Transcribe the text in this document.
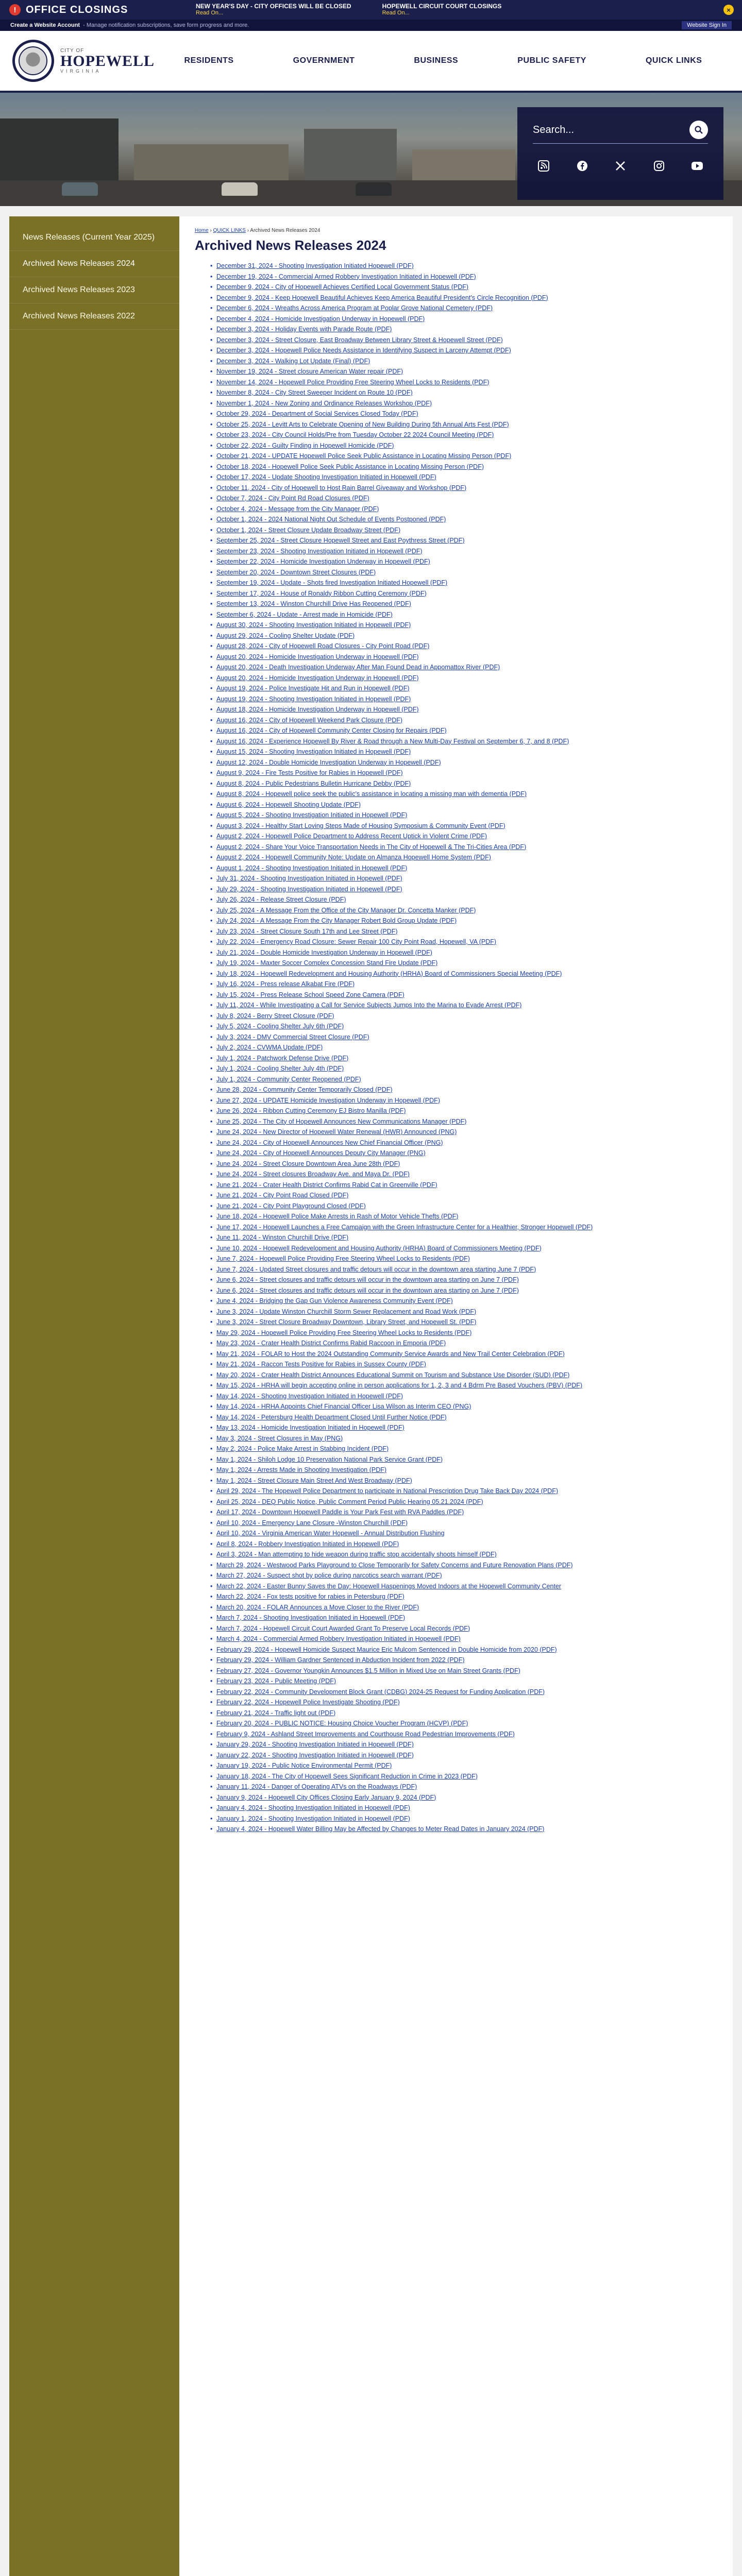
! OFFICE CLOSINGS	NEW YEAR'S DAY - CITY OFFICES WILL BE CLOSED
Read On...
HOPEWELL CIRCUIT COURT CLOSINGS
Read On...	×
Create a Website Account - Manage notification subscriptions, save form progress and more.	Website Sign In
CITY OF
HOPEWELL
VIRGINIA
RESIDENTS	GOVERNMENT	BUSINESS	PUBLIC SAFETY	QUICK LINKS
Search...
News Releases (Current Year 2025)
Archived News Releases 2024
Archived News Releases 2023
Archived News Releases 2022
Home › QUICK LINKS › Archived News Releases 2024
Archived News Releases 2024
• December 31, 2024 - Shooting Investigation Initiated Hopewell (PDF)
• December 19, 2024 - Commercial Armed Robbery Investigation Initiated in Hopewell (PDF)
• December 9, 2024 - City of Hopewell Achieves Certified Local Government Status (PDF)
• December 9, 2024 - Keep Hopewell Beautiful Achieves Keep America Beautiful President's Circle Recognition (PDF)
• December 6, 2024 - Wreaths Across America Program at Poplar Grove National Cemetery (PDF)
• December 4, 2024 - Homicide Investigation Underway in Hopewell (PDF)
• December 3, 2024 - Holiday Events with Parade Route (PDF)
• December 3, 2024 - Street Closure, East Broadway Between Library Street & Hopewell Street (PDF)
• December 3, 2024 - Hopewell Police Needs Assistance in Identifying Suspect in Larceny Attempt (PDF)
• December 3, 2024 - Walking Lot Update (Final) (PDF)
• November 19, 2024 - Street closure American Water repair (PDF)
• November 14, 2024 - Hopewell Police Providing Free Steering Wheel Locks to Residents (PDF)
• November 8, 2024 - City Street Sweeper Incident on Route 10 (PDF)
• November 1, 2024 - New Zoning and Ordinance Releases Workshop (PDF)
• October 29, 2024 - Department of Social Services Closed Today (PDF)
• October 25, 2024 - Levitt Arts to Celebrate Opening of New Building During 5th Annual Arts Fest (PDF)
• October 23, 2024 - City Council Holds/Pre from Tuesday October 22 2024 Council Meeting (PDF)
• October 22, 2024 - Guilty Finding in Hopewell Homicide (PDF)
• October 21, 2024 - UPDATE Hopewell Police Seek Public Assistance in Locating Missing Person (PDF)
• October 18, 2024 - Hopewell Police Seek Public Assistance in Locating Missing Person (PDF)
• October 17, 2024 - Update Shooting Investigation Initiated in Hopewell (PDF)
• October 11, 2024 - City of Hopewell to Host Rain Barrel Giveaway and Workshop (PDF)
• October 7, 2024 - City Point Rd Road Closures (PDF)
• October 4, 2024 - Message from the City Manager (PDF)
• October 1, 2024 - 2024 National Night Out Schedule of Events Postponed (PDF)
• October 1, 2024 - Street Closure Update Broadway Street (PDF)
• September 25, 2024 - Street Closure Hopewell Street and East Poythress Street (PDF)
• September 23, 2024 - Shooting Investigation Initiated in Hopewell (PDF)
• September 22, 2024 - Homicide Investigation Underway in Hopewell (PDF)
• September 20, 2024 - Downtown Street Closures (PDF)
• September 19, 2024 - Update - Shots fired Investigation Initiated Hopewell (PDF)
• September 17, 2024 - House of Ronaldy Ribbon Cutting Ceremony (PDF)
• September 13, 2024 - Winston Churchill Drive Has Reopened (PDF)
• September 6, 2024 - Update - Arrest made in Homicide (PDF)
• August 30, 2024 - Shooting Investigation Initiated in Hopewell (PDF)
• August 29, 2024 - Cooling Shelter Update (PDF)
• August 28, 2024 - City of Hopewell Road Closures - City Point Road (PDF)
• August 20, 2024 - Homicide Investigation Underway in Hopewell (PDF)
• August 20, 2024 - Death Investigation Underway After Man Found Dead in Appomattox River (PDF)
• August 20, 2024 - Homicide Investigation Underway in Hopewell (PDF)
• August 19, 2024 - Police Investigate Hit and Run in Hopewell (PDF)
• August 19, 2024 - Shooting Investigation Initiated in Hopewell (PDF)
• August 18, 2024 - Homicide Investigation Underway in Hopewell (PDF)
• August 16, 2024 - City of Hopewell Weekend Park Closure (PDF)
• August 16, 2024 - City of Hopewell Community Center Closing for Repairs (PDF)
• August 16, 2024 - Experience Hopewell By River & Road through a New Multi-Day Festival on September 6, 7, and 8 (PDF)
• August 15, 2024 - Shooting Investigation Initiated in Hopewell (PDF)
• August 12, 2024 - Double Homicide Investigation Underway in Hopewell (PDF)
• August 9, 2024 - Fire Tests Positive for Rabies in Hopewell (PDF)
• August 8, 2024 - Public Pedestrians Bulletin Hurricane Debby (PDF)
• August 8, 2024 - Hopewell police seek the public's assistance in locating a missing man with dementia (PDF)
• August 6, 2024 - Hopewell Shooting Update (PDF)
• August 5, 2024 - Shooting Investigation Initiated in Hopewell (PDF)
• August 3, 2024 - Healthy Start Loving Steps Made of Housing Symposium & Community Event (PDF)
• August 2, 2024 - Hopewell Police Department to Address Recent Uptick in Violent Crime (PDF)
• August 2, 2024 - Share Your Voice Transportation Needs in The City of Hopewell & The Tri-Cities Area (PDF)
• August 2, 2024 - Hopewell Community Note: Update on Almanza Hopewell Home System (PDF)
• August 1, 2024 - Shooting Investigation Initiated in Hopewell (PDF)
• July 31, 2024 - Shooting Investigation Initiated in Hopewell (PDF)
• July 29, 2024 - Shooting Investigation Initiated in Hopewell (PDF)
• July 26, 2024 - Release Street Closure (PDF)
• July 25, 2024 - A Message From the Office of the City Manager Dr. Concetta Manker (PDF)
• July 24, 2024 - A Message From the City Manager Robert Bold Group Update (PDF)
• July 23, 2024 - Street Closure South 17th and Lee Street (PDF)
• July 22, 2024 - Emergency Road Closure: Sewer Repair 100 City Point Road, Hopewell, VA (PDF)
• July 21, 2024 - Double Homicide Investigation Underway in Hopewell (PDF)
• July 19, 2024 - Maxter Soccer Complex Concession Stand Fire Update (PDF)
• July 18, 2024 - Hopewell Redevelopment and Housing Authority (HRHA) Board of Commissioners Special Meeting (PDF)
• July 16, 2024 - Press release Alkabat Fire (PDF)
• July 15, 2024 - Press Release School Speed Zone Camera (PDF)
• July 11, 2024 - While Investigating a Call for Service Subjects Jumps Into the Marina to Evade Arrest (PDF)
• July 8, 2024 - Berry Street Closure (PDF)
• July 5, 2024 - Cooling Shelter July 6th (PDF)
• July 3, 2024 - DMV Commercial Street Closure (PDF)
• July 2, 2024 - CVWMA Update (PDF)
• July 1, 2024 - Patchwork Defense Drive (PDF)
• July 1, 2024 - Cooling Shelter July 4th (PDF)
• July 1, 2024 - Community Center Reopened (PDF)
• June 28, 2024 - Community Center Temporarily Closed (PDF)
• June 27, 2024 - UPDATE Homicide Investigation Underway in Hopewell (PDF)
• June 26, 2024 - Ribbon Cutting Ceremony EJ Bistro Manilla (PDF)
• June 25, 2024 - The City of Hopewell Announces New Communications Manager (PDF)
• June 24, 2024 - New Director of Hopewell Water Renewal (HWR) Announced (PNG)
• June 24, 2024 - City of Hopewell Announces New Chief Financial Officer (PNG)
• June 24, 2024 - City of Hopewell Announces Deputy City Manager (PNG)
• June 24, 2024 - Street Closure Downtown Area June 28th (PDF)
• June 24, 2024 - Street closures Broadway Ave. and Maya Dr. (PDF)
• June 21, 2024 - Crater Health District Confirms Rabid Cat in Greenville (PDF)
• June 21, 2024 - City Point Road Closed (PDF)
• June 21, 2024 - City Point Playground Closed (PDF)
• June 18, 2024 - Hopewell Police Make Arrests in Rash of Motor Vehicle Thefts (PDF)
• June 17, 2024 - Hopewell Launches a Free Campaign with the Green Infrastructure Center for a Healthier, Stronger Hopewell (PDF)
• June 11, 2024 - Winston Churchill Drive (PDF)
• June 10, 2024 - Hopewell Redevelopment and Housing Authority (HRHA) Board of Commissioners Meeting (PDF)
• June 7, 2024 - Hopewell Police Providing Free Steering Wheel Locks to Residents (PDF)
• June 7, 2024 - Updated Street closures and traffic detours will occur in the downtown area starting June 7 (PDF)
• June 6, 2024 - Street closures and traffic detours will occur in the downtown area starting on June 7 (PDF)
• June 6, 2024 - Street closures and traffic detours will occur in the downtown area starting on June 7 (PDF)
• June 4, 2024 - Bridging the Gap Gun Violence Awareness Community Event (PDF)
• June 3, 2024 - Update Winston Churchill Storm Sewer Replacement and Road Work (PDF)
• June 3, 2024 - Street Closure Broadway Downtown, Library Street, and Hopewell St. (PDF)
• May 29, 2024 - Hopewell Police Providing Free Steering Wheel Locks to Residents (PDF)
• May 23, 2024 - Crater Health District Confirms Rabid Raccoon in Emporia (PDF)
• May 21, 2024 - FOLAR to Host the 2024 Outstanding Community Service Awards and New Trail Center Celebration (PDF)
• May 21, 2024 - Raccon Tests Positive for Rabies in Sussex County (PDF)
• May 20, 2024 - Crater Health District Announces Educational Summit on Tourism and Substance Use Disorder (SUD) (PDF)
• May 15, 2024 - HRHA will begin accepting online in person applications for 1, 2, 3 and 4 Bdrm Pre Based Vouchers (PBV) (PDF)
• May 14, 2024 - Shooting Investigation Initiated in Hopewell (PDF)
• May 14, 2024 - HRHA Appoints Chief Financial Officer Lisa Wilson as Interim CEO (PNG)
• May 14, 2024 - Petersburg Health Department Closed Until Further Notice (PDF)
• May 13, 2024 - Homicide Investigation Initiated in Hopewell (PDF)
• May 3, 2024 - Street Closures in May (PNG)
• May 2, 2024 - Police Make Arrest in Stabbing Incident (PDF)
• May 1, 2024 - Shiloh Lodge 10 Preservation National Park Service Grant (PDF)
• May 1, 2024 - Arrests Made in Shooting Investigation (PDF)
• May 1, 2024 - Street Closure Main Street And West Broadway (PDF)
• April 29, 2024 - The Hopewell Police Department to participate in National Prescription Drug Take Back Day 2024 (PDF)
• April 25, 2024 - DEQ Public Notice, Public Comment Period Public Hearing 05.21.2024 (PDF)
• April 17, 2024 - Downtown Hopewell Paddle is Your Park Fest with RVA Paddles (PDF)
• April 10, 2024 - Emergency Lane Closure -Winston Churchill (PDF)
• April 10, 2024 - Virginia American Water Hopewell - Annual Distribution Flushing
• April 8, 2024 - Robbery Investigation Initiated in Hopewell (PDF)
• April 3, 2024 - Man attempting to hide weapon during traffic stop accidentally shoots himself (PDF)
• March 29, 2024 - Westwood Parks Playground to Close Temporarily for Safety Concerns and Future Renovation Plans (PDF)
• March 27, 2024 - Suspect shot by police during narcotics search warrant (PDF)
• March 22, 2024 - Easter Bunny Saves the Day: Hopewell Haspenings Moved Indoors at the Hopewell Community Center
• March 22, 2024 - Fox tests positive for rabies in Petersburg (PDF)
• March 20, 2024 - FOLAR Announces a Move Closer to the River (PDF)
• March 7, 2024 - Shooting Investigation Initiated in Hopewell (PDF)
• March 7, 2024 - Hopewell Circuit Court Awarded Grant To Preserve Local Records (PDF)
• March 4, 2024 - Commercial Armed Robbery Investigation Initiated in Hopewell (PDF)
• February 29, 2024 - Hopewell Homicide Suspect Maurice Eric Mulcom Sentenced in Double Homicide from 2020 (PDF)
• February 29, 2024 - William Gardner Sentenced in Abduction Incident from 2022 (PDF)
• February 27, 2024 - Governor Youngkin Announces $1.5 Million in Mixed Use on Main Street Grants (PDF)
• February 23, 2024 - Public Meeting (PDF)
• February 22, 2024 - Community Development Block Grant (CDBG) 2024-25 Request for Funding Application (PDF)
• February 22, 2024 - Hopewell Police Investigate Shooting (PDF)
• February 21, 2024 - Traffic light out (PDF)
• February 20, 2024 - PUBLIC NOTICE: Housing Choice Voucher Program (HCVP) (PDF)
• February 9, 2024 - Ashland Street Improvements and Courthouse Road Pedestrian Improvements (PDF)
• January 29, 2024 - Shooting Investigation Initiated in Hopewell (PDF)
• January 22, 2024 - Shooting Investigation Initiated in Hopewell (PDF)
• January 19, 2024 - Public Notice Environmental Permit (PDF)
• January 18, 2024 - The City of Hopewell Sees Significant Reduction in Crime in 2023 (PDF)
• January 11, 2024 - Danger of Operating ATVs on the Roadways (PDF)
• January 9, 2024 - Hopewell City Offices Closing Early January 9, 2024 (PDF)
• January 4, 2024 - Shooting Investigation Initiated in Hopewell (PDF)
• January 1, 2024 - Shooting Investigation Initiated in Hopewell (PDF)
• January 4, 2024 - Hopewell Water Billing May be Affected by Changes to Meter Read Dates in January 2024 (PDF)
